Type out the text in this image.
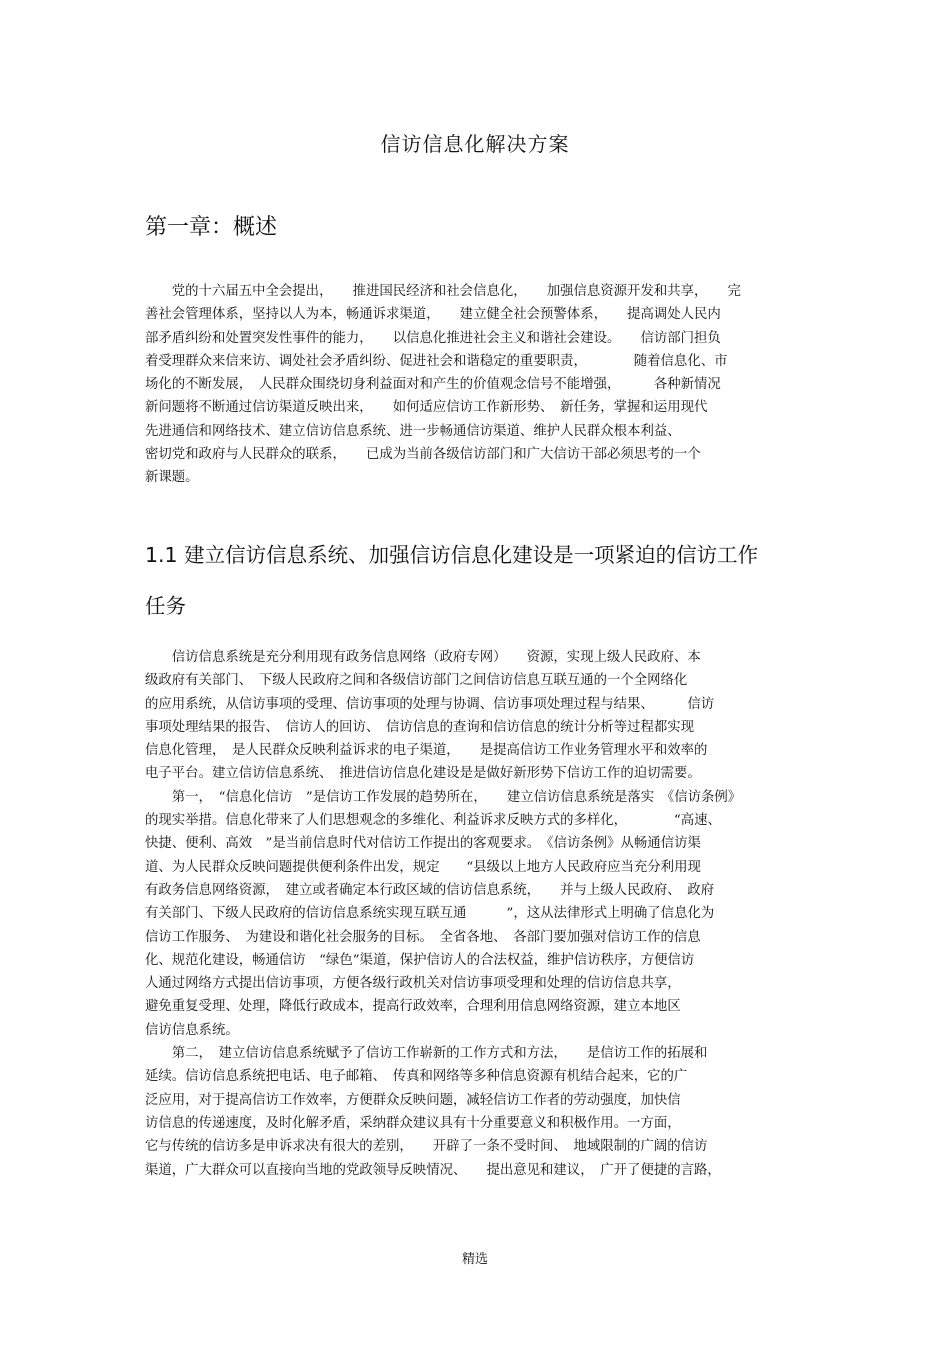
信访信息化解决方案
第一章：概述
　　党的十六届五中全会提出，　　推进国民经济和社会信息化，　　加强信息资源开发和共享，　　完
善社会管理体系，坚持以人为本，畅通诉求渠道，　　建立健全社会预警体系，　　提高调处人民内
部矛盾纠纷和处置突发性事件的能力，　　以信息化推进社会主义和谐社会建设。　　信访部门担负
着受理群众来信来访、调处社会矛盾纠纷、促进社会和谐稳定的重要职责，　　　　随着信息化、市
场化的不断发展，　人民群众围绕切身利益面对和产生的价值观念信号不能增强，　　　各种新情况
新问题将不断通过信访渠道反映出来，　　如何适应信访工作新形势、　新任务，掌握和运用现代
先进通信和网络技术、建立信访信息系统、进一步畅通信访渠道、维护人民群众根本利益、
密切党和政府与人民群众的联系，　　已成为当前各级信访部门和广大信访干部必须思考的一个
新课题。
1.1 建立信访信息系统、加强信访信息化建设是一项紧迫的信访工作
任务
　　信访信息系统是充分利用现有政务信息网络（政府专网）　　资源，实现上级人民政府、本
级政府有关部门、　下级人民政府之间和各级信访部门之间信访信息互联互通的一个全网络化
的应用系统，从信访事项的受理、信访事项的处理与协调、信访事项处理过程与结果、　　　信访
事项处理结果的报告、　信访人的回访、　信访信息的查询和信访信息的统计分析等过程都实现
信息化管理，　是人民群众反映利益诉求的电子渠道，　　是提高信访工作业务管理水平和效率的
电子平台。建立信访信息系统、　推进信访信息化建设是是做好新形势下信访工作的迫切需要。
　　第一，　“信息化信访　”是信访工作发展的趋势所在，　　建立信访信息系统是落实　《信访条例》
的现实举措。信息化带来了人们思想观念的多维化、利益诉求反映方式的多样化，　　　　“高速、
快捷、便利、高效　”是当前信息时代对信访工作提出的客观要求。　《信访条例》从畅通信访渠
道、为人民群众反映问题提供便利条件出发，规定　　“县级以上地方人民政府应当充分利用现
有政务信息网络资源，　建立或者确定本行政区域的信访信息系统，　　并与上级人民政府、　政府
有关部门、下级人民政府的信访信息系统实现互联互通　　　”，这从法律形式上明确了信息化为
信访工作服务、　为建设和谐化社会服务的目标。　全省各地、　各部门要加强对信访工作的信息
化、规范化建设，畅通信访　“绿色”渠道，保护信访人的合法权益，维护信访秩序，方便信访
人通过网络方式提出信访事项，方便各级行政机关对信访事项受理和处理的信访信息共享，
避免重复受理、处理，降低行政成本，提高行政效率，合理利用信息网络资源，建立本地区
信访信息系统。
　　第二，　建立信访信息系统赋予了信访工作崭新的工作方式和方法，　　是信访工作的拓展和
延续。信访信息系统把电话、电子邮箱、　传真和网络等多种信息资源有机结合起来，它的广
泛应用，对于提高信访工作效率，方便群众反映问题，减轻信访工作者的劳动强度，加快信
访信息的传递速度，及时化解矛盾，采纳群众建议具有十分重要意义和积极作用。一方面，
它与传统的信访多是申诉求决有很大的差别，　　开辟了一条不受时间、　地域限制的广阔的信访
渠道，广大群众可以直接向当地的党政领导反映情况、　　提出意见和建议，　广开了便捷的言路，
精选
